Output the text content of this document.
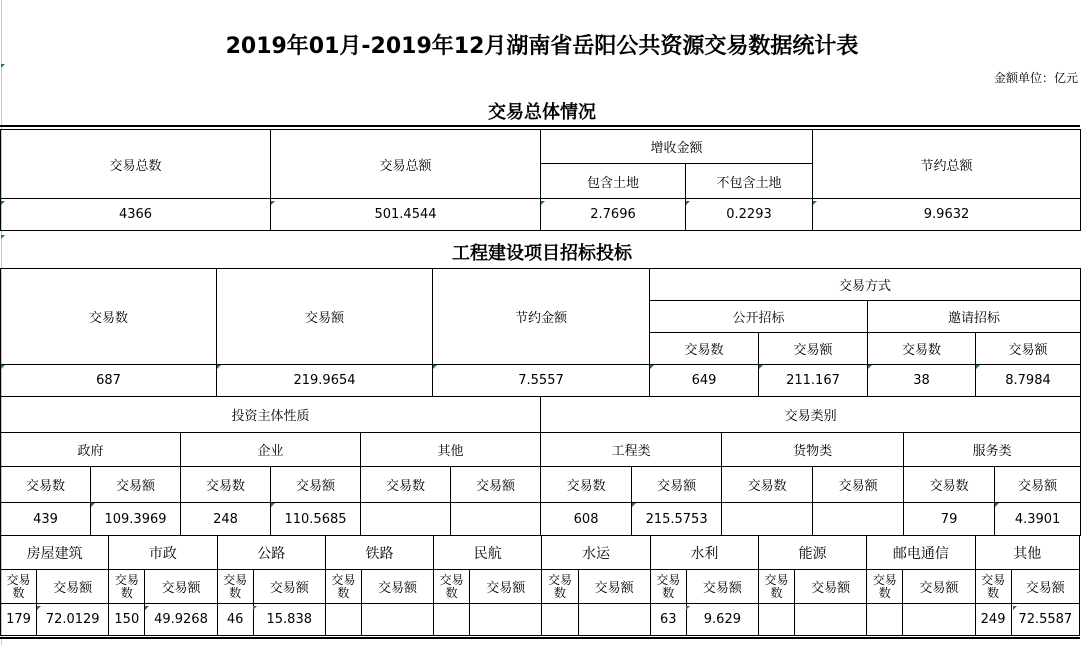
2019年01月-2019年12月湖南省岳阳公共资源交易数据统计表
金额单位：亿元
交易总体情况
交易总数	交易总额	增收金额		节约总额
		包含土地	不包含土地	
4366	501.4544	2.7696	0.2293	9.9632
工程建设项目招标投标
交易数	交易额	节约金额	交易方式			
			公开招标		邀请招标	
			交易数	交易额	交易数	交易额
687	219.9654	7.5557	649	211.167	38	8.7984
投资主体性质						交易类别					
政府		企业		其他		工程类		货物类		服务类	
交易数	交易额	交易数	交易额	交易数	交易额	交易数	交易额	交易数	交易额	交易数	交易额
439	109.3969	248	110.5685			608	215.5753			79	4.3901
房屋建筑		市政		公路		铁路		民航		水运		水利		能源		邮电通信		其他	
交易数	交易额	交易数	交易额	交易数	交易额	交易数	交易额	交易数	交易额	交易数	交易额	交易数	交易额	交易数	交易额	交易数	交易额	交易数	交易额
179	72.0129	150	49.9268	46	15.838							63	9.629					249	72.5587
